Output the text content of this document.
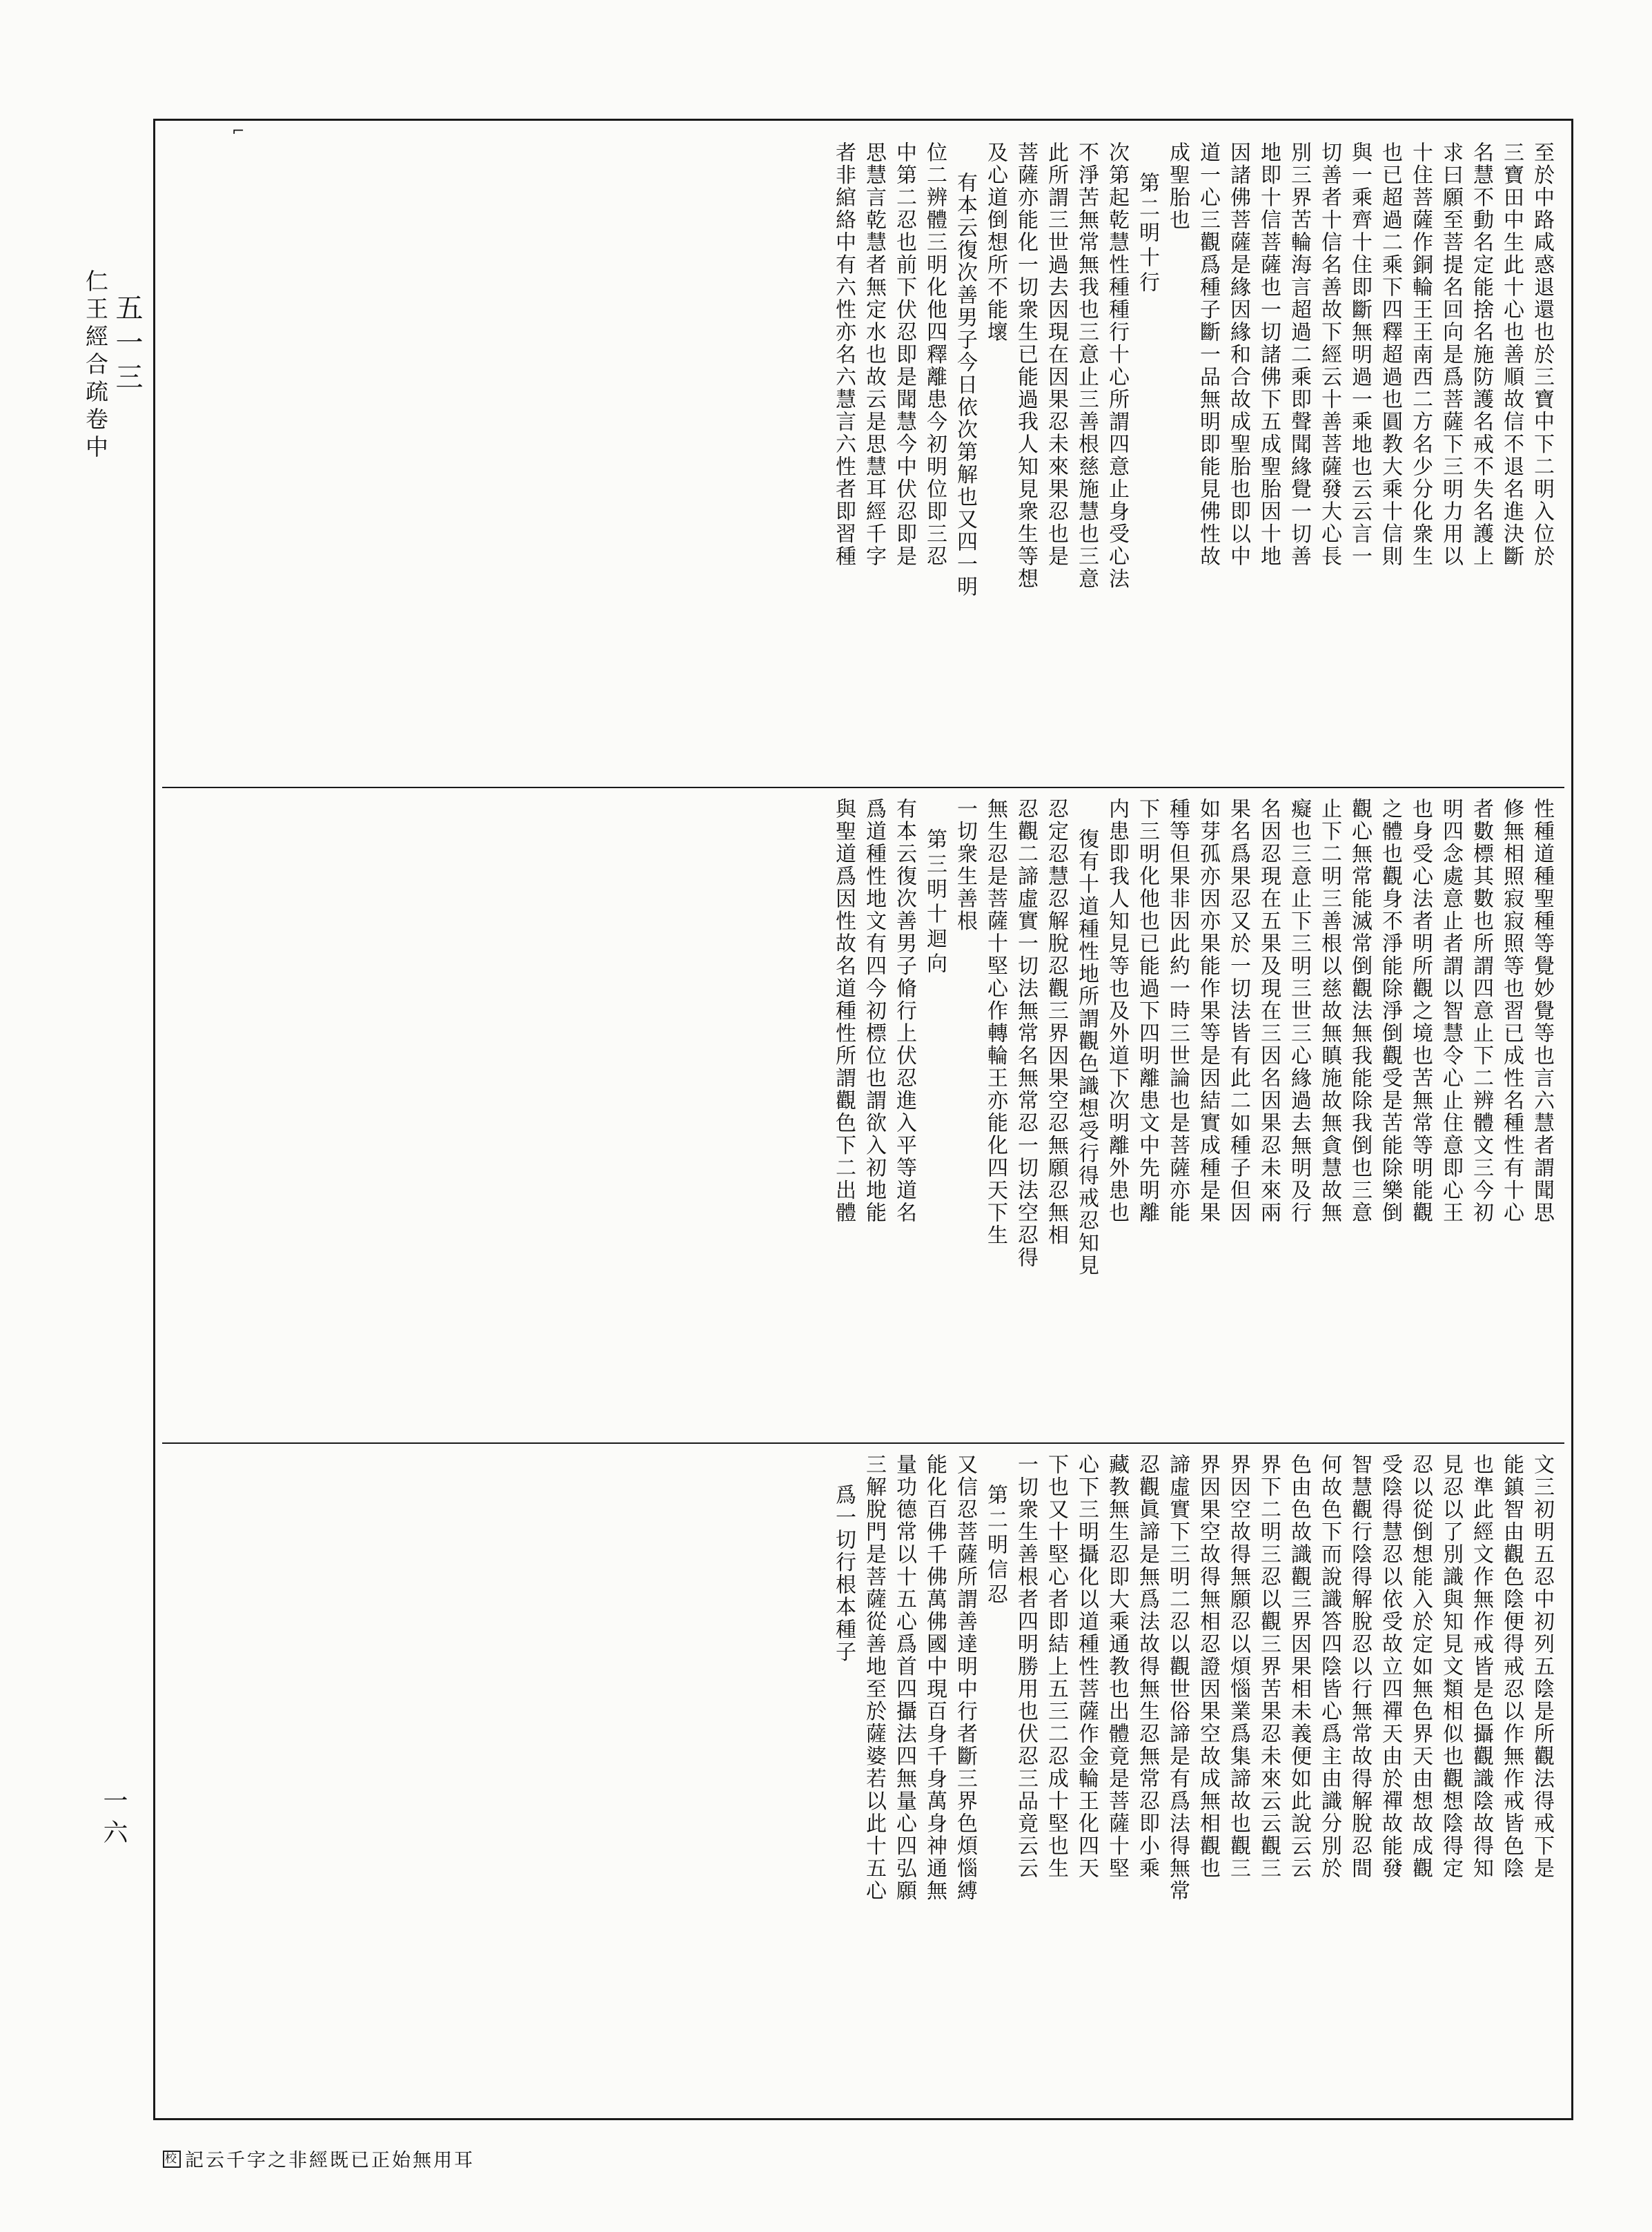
⌐
五一三
仁王經合疏卷中
一六
至於中路咸惑退還也於三寶中下二明入位於
三寶田中生此十心也善順故信不退名進決斷
名慧不動名定能捨名施防護名戒不失名護上
求曰願至菩提名回向是爲菩薩下三明力用以
十住菩薩作銅輪王王南西二方名少分化衆生
也已超過二乘下四釋超過也圓教大乘十信則
與一乘齊十住即斷無明過一乘地也云云言一
切善者十信名善故下經云十善菩薩發大心長
別三界苦輪海言超過二乘即聲聞緣覺一切善
地即十信菩薩也一切諸佛下五成聖胎因十地
因諸佛菩薩是緣因緣和合故成聖胎也即以中
道一心三觀爲種子斷一品無明即能見佛性故
成聖胎也
第二明十行
次第起乾慧性種種行十心所謂四意止身受心法
不淨苦無常無我也三意止三善根慈施慧也三意
此所謂三世過去因現在因果忍未來果忍也是
菩薩亦能化一切衆生已能過我人知見衆生等想
及心道倒想所不能壞
有本云復次善男子今日依次第解也又四一明
位二辨體三明化他四釋離患今初明位即三忍
中第二忍也前下伏忍即是聞慧今中伏忍即是
思慧言乾慧者無定水也故云是思慧耳經千字
者非綰絡中有六性亦名六慧言六性者即習種
性種道種聖種等覺妙覺等也言六慧者謂聞思
修無相照寂寂照等也習已成性名種性有十心
者數標其數也所謂四意止下二辨體文三今初
明四念處意止者謂以智慧令心止住意即心王
也身受心法者明所觀之境也苦無常等明能觀
之體也觀身不淨能除淨倒觀受是苦能除樂倒
觀心無常能滅常倒觀法無我能除我倒也三意
止下二明三善根以慈故無瞋施故無貪慧故無
癡也三意止下三明三世三心緣過去無明及行
名因忍現在五果及現在三因名因果忍未來兩
果名爲果忍又於一切法皆有此二如種子但因
如芽孤亦因亦果能作果等是因結實成種是果
種等但果非因此約一時三世論也是菩薩亦能
下三明化他也已能過下四明離患文中先明離
内患即我人知見等也及外道下次明離外患也
復有十道種性地所謂觀色識想受行得戒忍知見
忍定忍慧忍解脫忍觀三界因果空忍無願忍無相
忍觀二諦虛實一切法無常名無常忍一切法空忍得
無生忍是菩薩十堅心作轉輪王亦能化四天下生
一切衆生善根
第三明十迴向
有本云復次善男子脩行上伏忍進入平等道名
爲道種性地文有四今初標位也謂欲入初地能
與聖道爲因性故名道種性所謂觀色下二出體
文三初明五忍中初列五陰是所觀法得戒下是
能鎮智由觀色陰便得戒忍以作無作戒皆色陰
也準此經文作無作戒皆是色攝觀識陰故得知
見忍以了別識與知見文類相似也觀想陰得定
忍以從倒想能入於定如無色界天由想故成觀
受陰得慧忍以依受故立四禪天由於禪故能發
智慧觀行陰得解脫忍以行無常故得解脫忍間
何故色下而說識答四陰皆心爲主由識分別於
色由色故識觀三界因果相未義便如此說云云
界下二明三忍以觀三界苦果忍未來云云觀三
界因空故得無願忍以煩惱業爲集諦故也觀三
界因果空故得無相忍證因果空故成無相觀也
諦虛實下三明二忍以觀世俗諦是有爲法得無常
忍觀眞諦是無爲法故得無生忍無常忍即小乘
藏教無生忍即大乘通教也出體竟是菩薩十堅
心下三明攝化以道種性菩薩作金輪王化四天
下也又十堅心者即結上五三二忍成十堅也生
一切衆生善根者四明勝用也伏忍三品竟云云
第二明信忍
又信忍菩薩所謂善達明中行者斷三界色煩惱縛
能化百佛千佛萬佛國中現百身千身萬身神通無
量功德常以十五心爲首四攝法四無量心四弘願
三解脫門是菩薩從善地至於薩婆若以此十五心
爲一切行根本種子
校 記云千字之非經既已正始無用耳
